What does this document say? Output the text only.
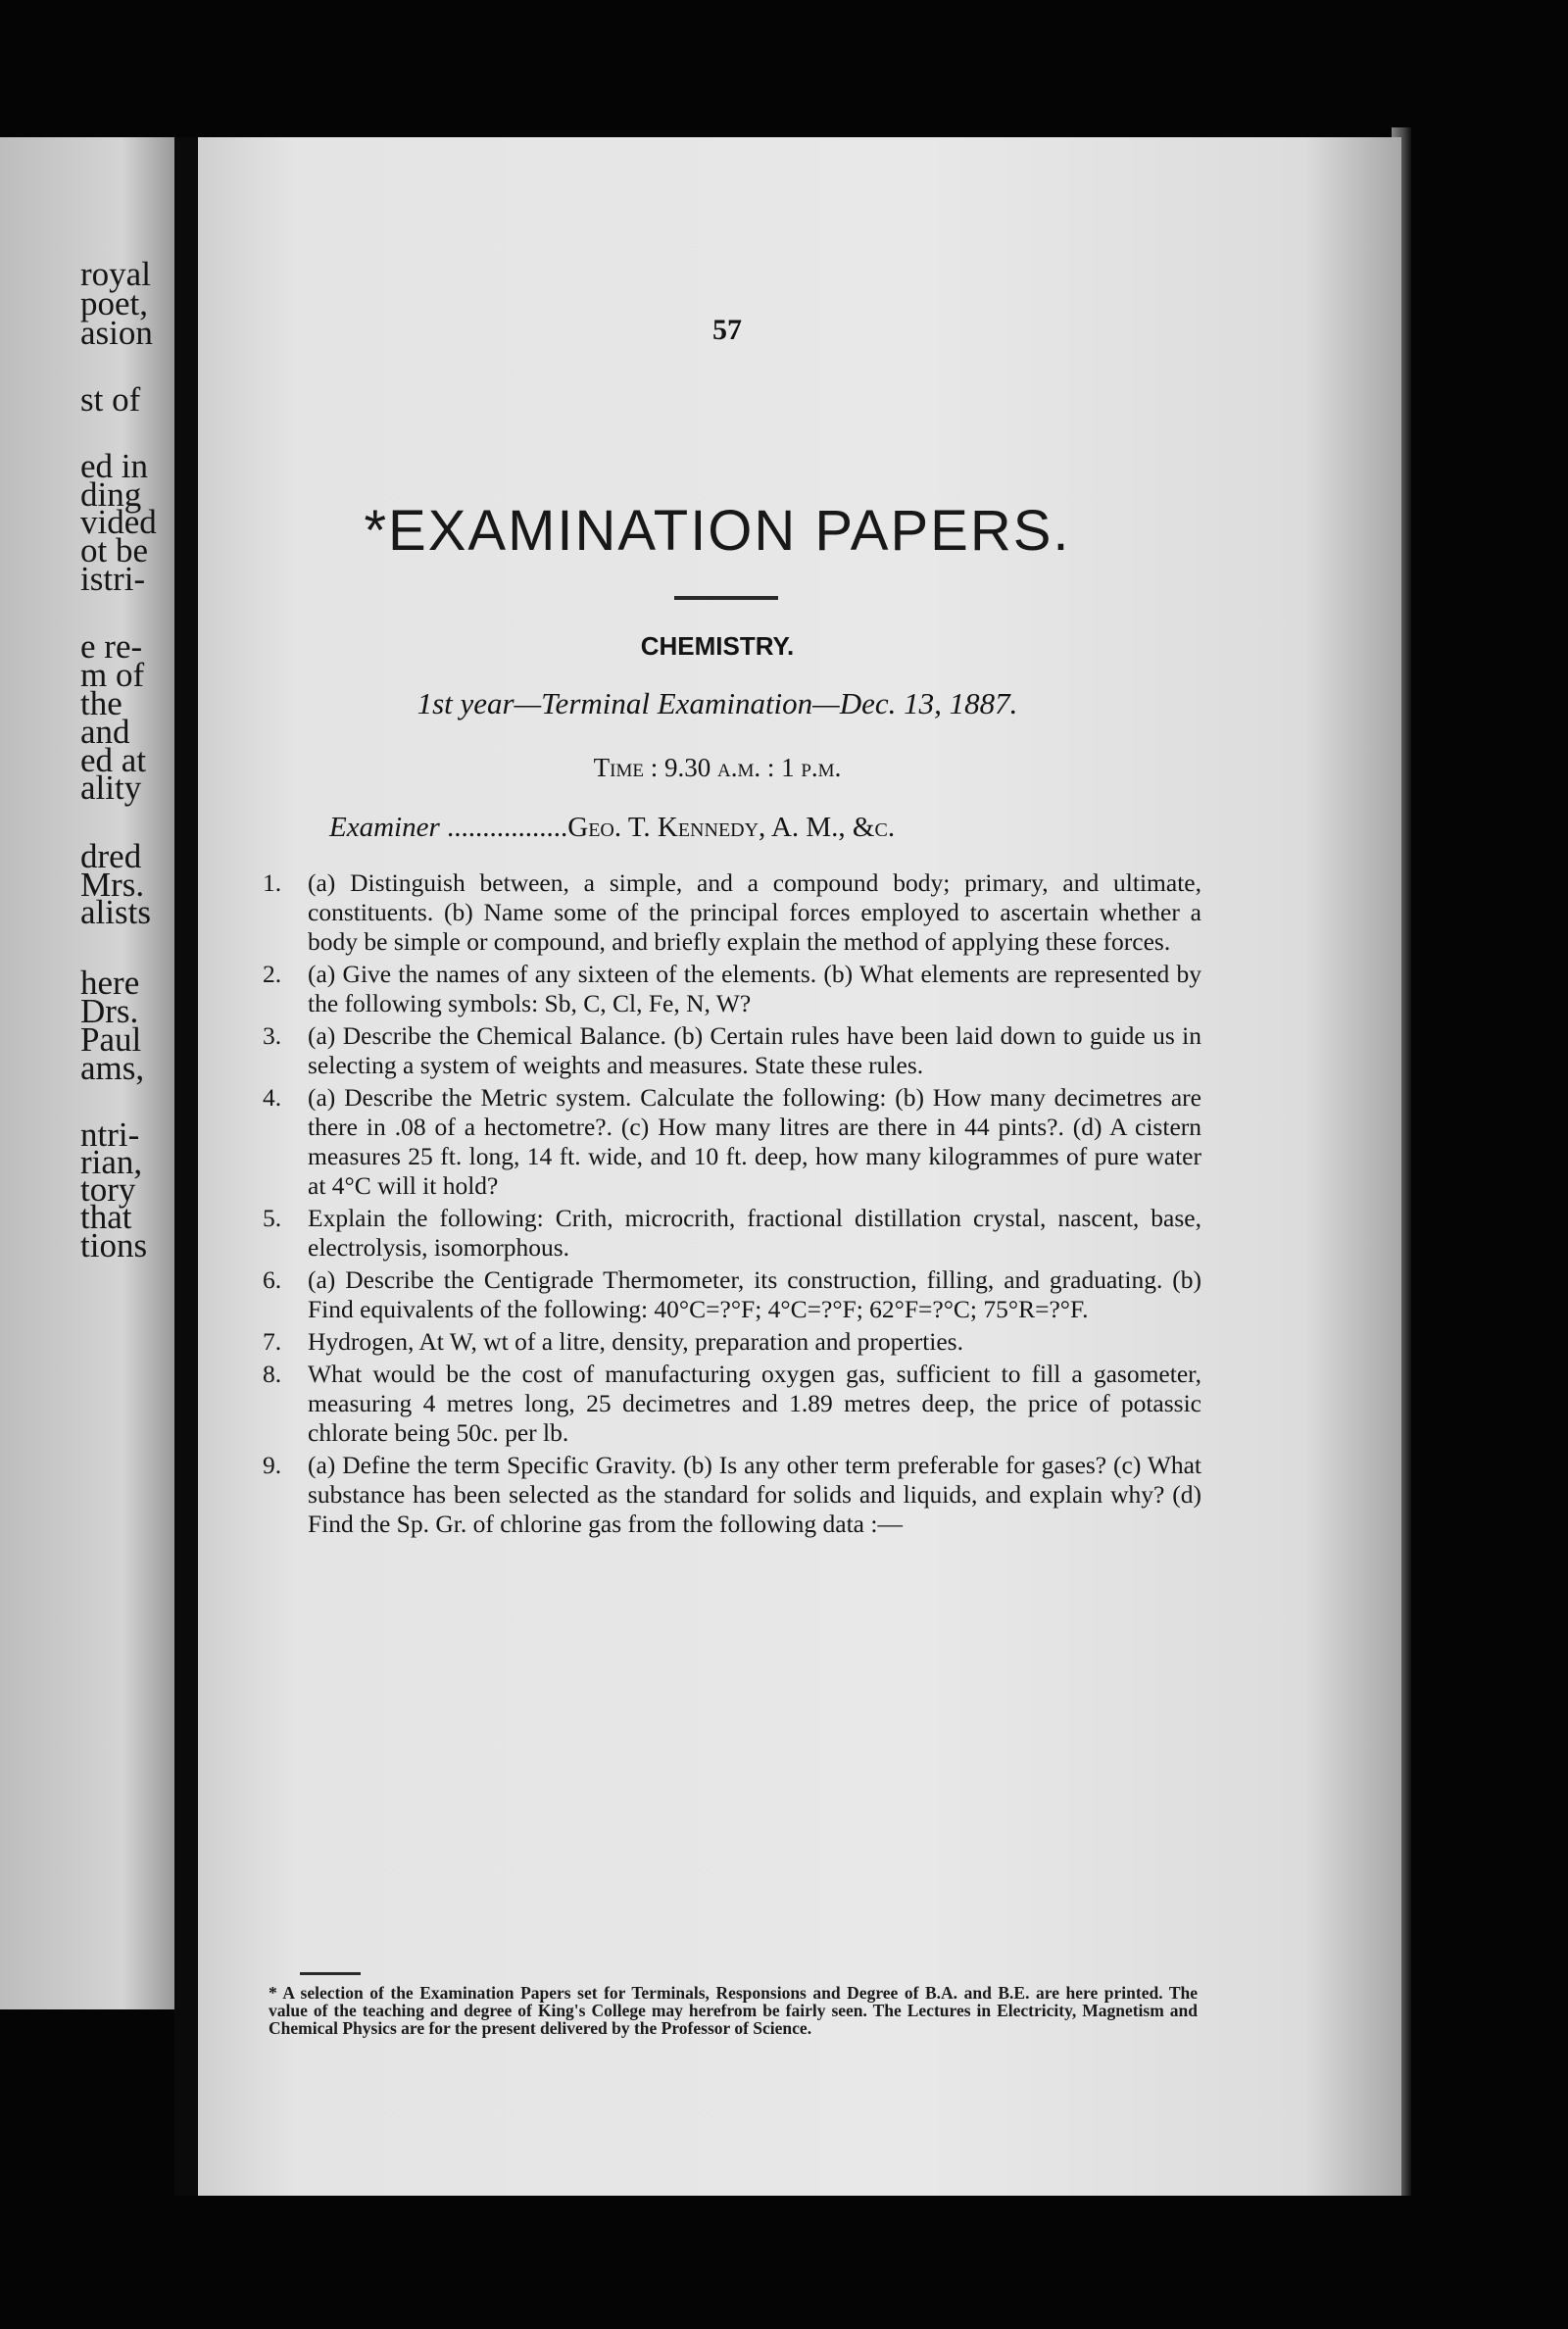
royal
poet,
asion
st of
ed in
ding
vided
ot be
istri-
e re-
m of
the
and
ed at
ality
dred
Mrs.
alists
here
Drs.
Paul
ams,
ntri-
rian,
tory
that
tions
57
*EXAMINATION PAPERS.
CHEMISTRY.
1st year—Terminal Examination—Dec. 13, 1887.
Time : 9.30 a.m. : 1 p.m.
Examiner .................Geo. T. Kennedy, A. M., &c.
1. (a) Distinguish between, a simple, and a compound body; primary, and ultimate, constituents. (b) Name some of the principal forces employed to ascertain whether a body be simple or compound, and briefly explain the method of applying these forces.
2. (a) Give the names of any sixteen of the elements. (b) What elements are represented by the following symbols: Sb, C, Cl, Fe, N, W?
3. (a) Describe the Chemical Balance. (b) Certain rules have been laid down to guide us in selecting a system of weights and measures. State these rules.
4. (a) Describe the Metric system. Calculate the following: (b) How many decimetres are there in .08 of a hectometre?. (c) How many litres are there in 44 pints?. (d) A cistern measures 25 ft. long, 14 ft. wide, and 10 ft. deep, how many kilogrammes of pure water at 4°C will it hold?
5. Explain the following: Crith, microcrith, fractional distillation crystal, nascent, base, electrolysis, isomorphous.
6. (a) Describe the Centigrade Thermometer, its construction, filling, and graduating. (b) Find equivalents of the following: 40°C=?°F; 4°C=?°F; 62°F=?°C; 75°R=?°F.
7. Hydrogen, At W, wt of a litre, density, preparation and properties.
8. What would be the cost of manufacturing oxygen gas, sufficient to fill a gasometer, measuring 4 metres long, 25 decimetres and 1.89 metres deep, the price of potassic chlorate being 50c. per lb.
9. (a) Define the term Specific Gravity. (b) Is any other term preferable for gases? (c) What substance has been selected as the standard for solids and liquids, and explain why? (d) Find the Sp. Gr. of chlorine gas from the following data :—
* A selection of the Examination Papers set for Terminals, Responsions and Degree of B.A. and B.E. are here printed. The value of the teaching and degree of King's College may herefrom be fairly seen. The Lectures in Electricity, Magnetism and Chemical Physics are for the present delivered by the Professor of Science.
